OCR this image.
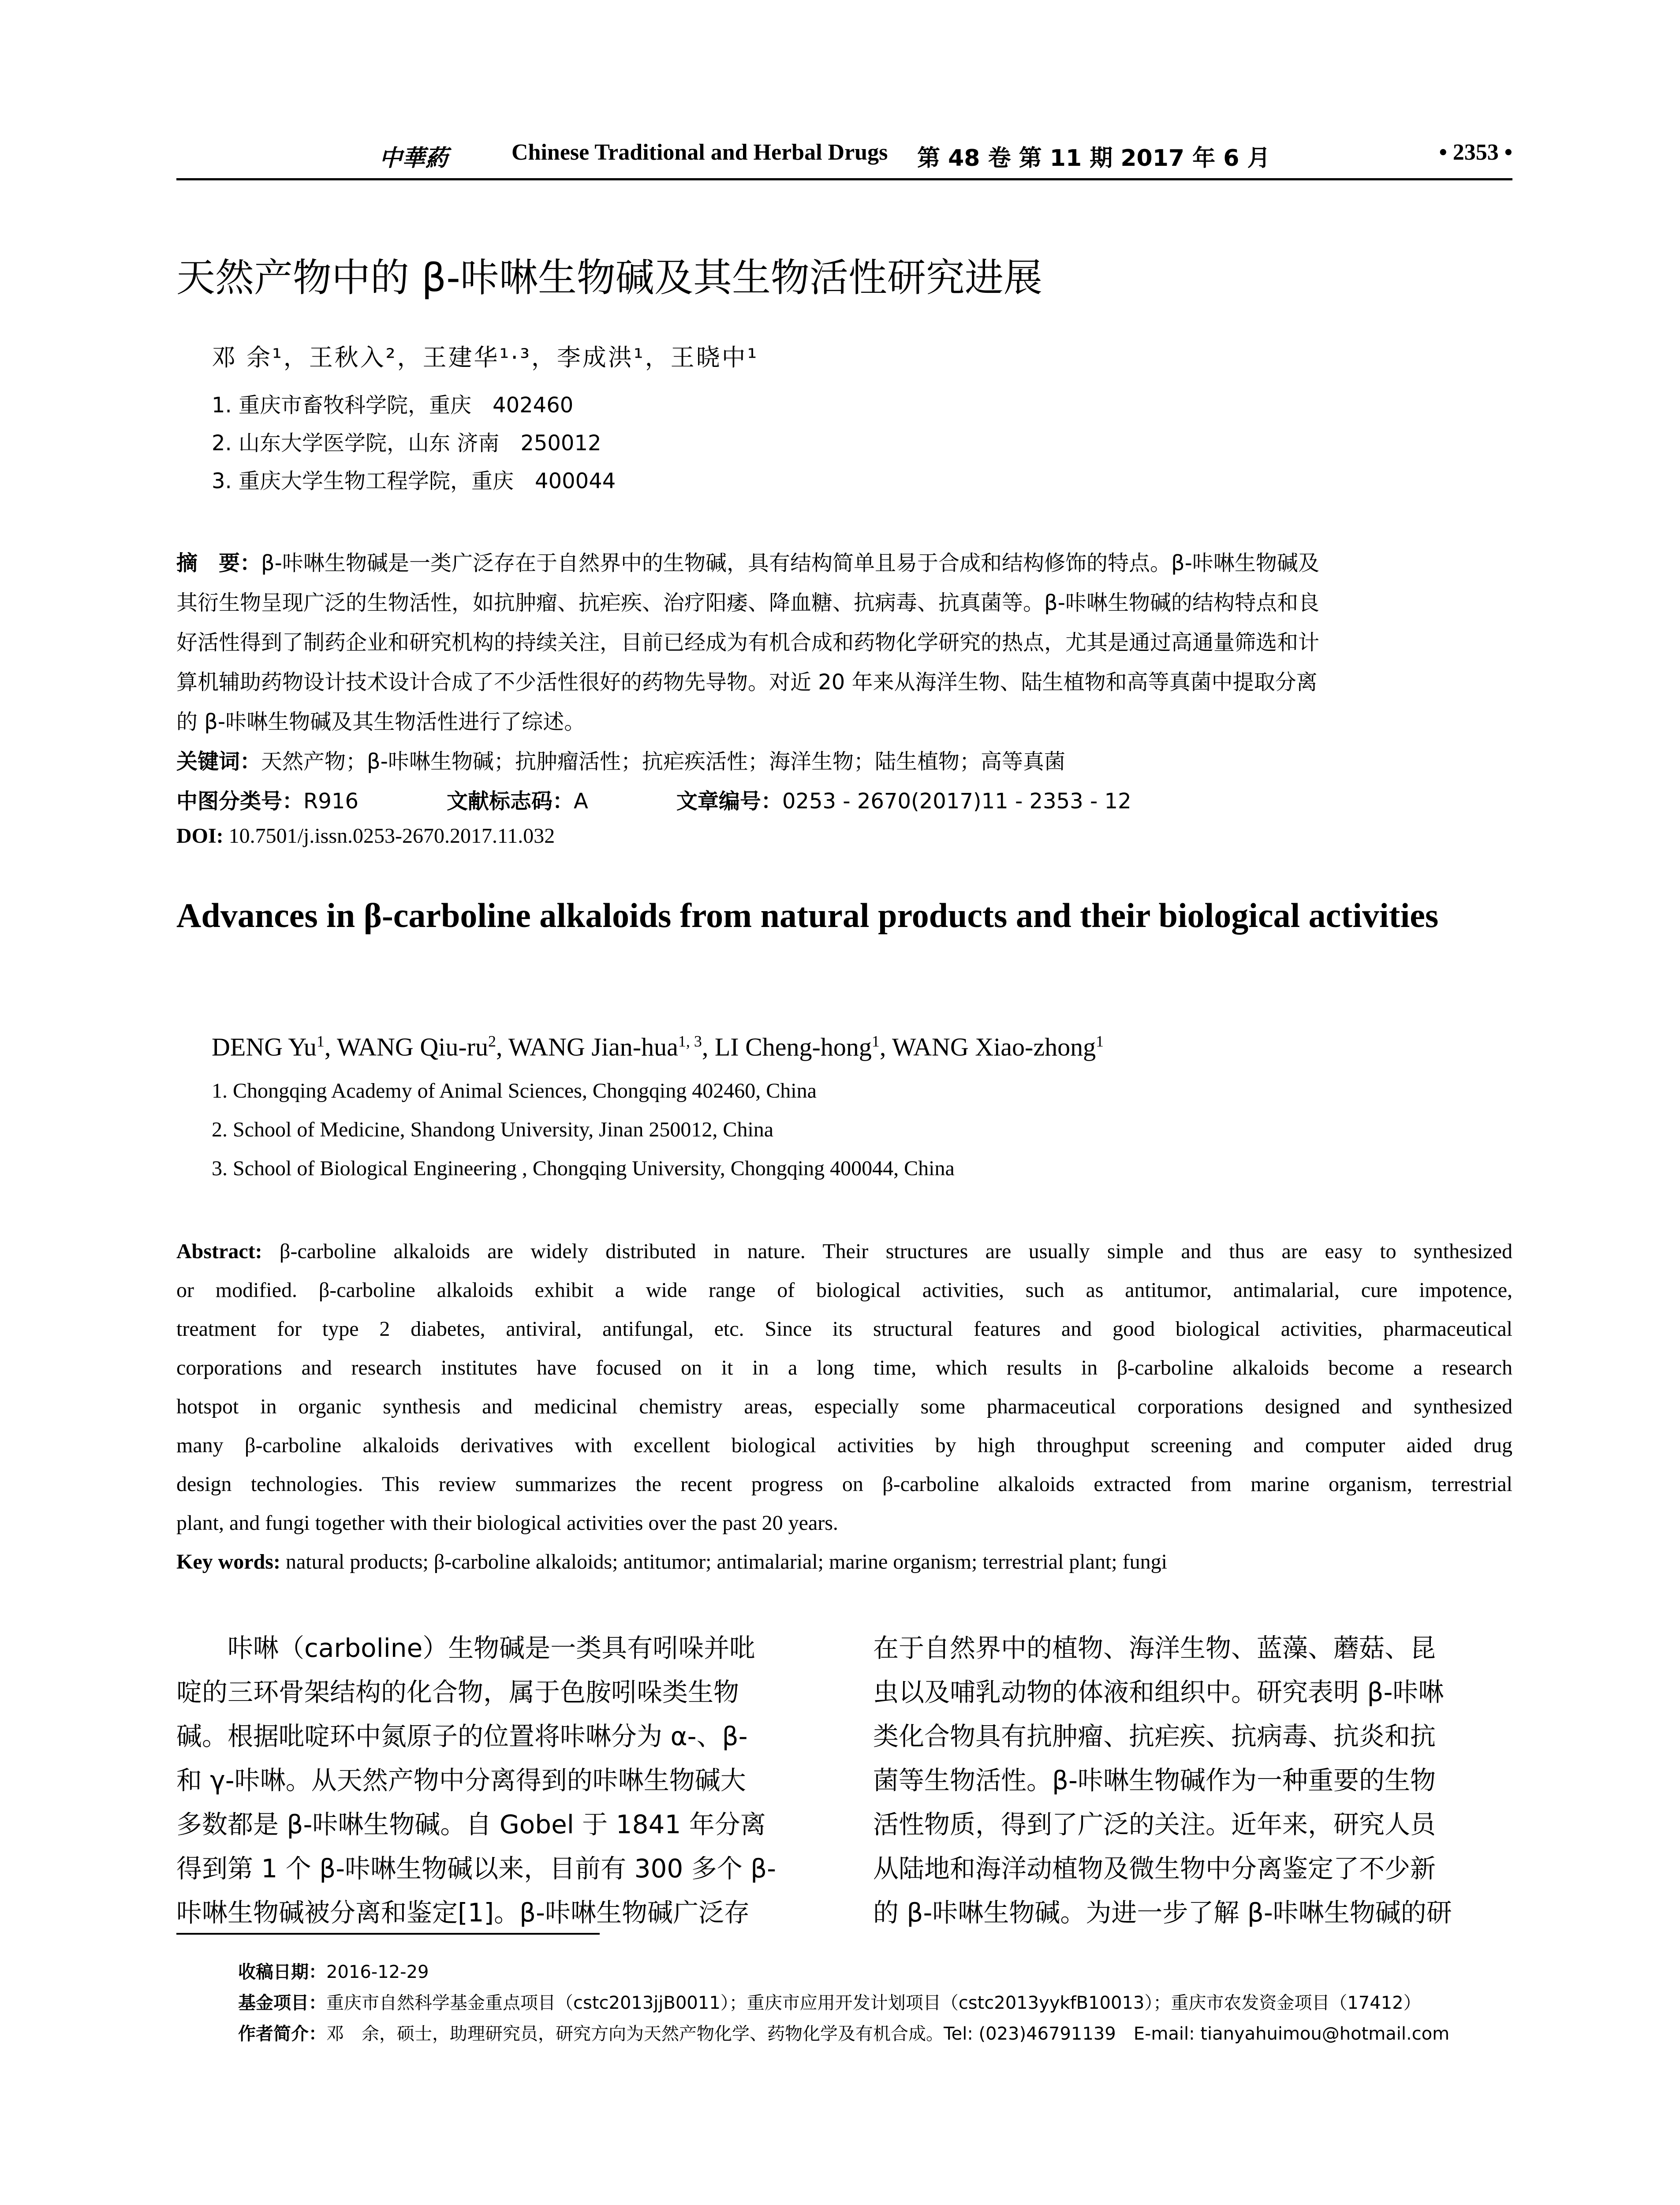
中華葯	Chinese Traditional and Herbal Drugs 第 48 卷 第 11 期 2017 年 6 月	• 2353 •
天然产物中的 β-咔啉生物碱及其生物活性研究进展
邓 余¹，王秋入²，王建华¹·³，李成洪¹，王晓中¹
1. 重庆市畜牧科学院，重庆　402460
2. 山东大学医学院，山东 济南　250012
3. 重庆大学生物工程学院，重庆　400044
摘　要：β-咔啉生物碱是一类广泛存在于自然界中的生物碱，具有结构简单且易于合成和结构修饰的特点。β-咔啉生物碱及
其衍生物呈现广泛的生物活性，如抗肿瘤、抗疟疾、治疗阳痿、降血糖、抗病毒、抗真菌等。β-咔啉生物碱的结构特点和良
好活性得到了制药企业和研究机构的持续关注，目前已经成为有机合成和药物化学研究的热点，尤其是通过高通量筛选和计
算机辅助药物设计技术设计合成了不少活性很好的药物先导物。对近 20 年来从海洋生物、陆生植物和高等真菌中提取分离
的 β-咔啉生物碱及其生物活性进行了综述。
关键词：天然产物；β-咔啉生物碱；抗肿瘤活性；抗疟疾活性；海洋生物；陆生植物；高等真菌
中图分类号：R916	文献标志码：A	文章编号：0253 - 2670(2017)11 - 2353 - 12
DOI: 10.7501/j.issn.0253-2670.2017.11.032
Advances in β-carboline alkaloids from natural products and their biological activities
DENG Yu$^1$, WANG Qiu-$ru^2$, WANG Jian-hua$^{1, 3}$, LI Cheng-hong$^1$, WANG Xiao-zhong$^1$
1. Chongqing Academy of Animal Sciences, Chongqing 402460, China
2. School of Medicine, Shandong University, Jinan 250012, China
3. School of Biological Engineering , Chongqing University, Chongqing 400044, China
Abstract: β-carboline alkaloids are widely distributed in nature. Their structures are usually simple and thus are easy to synthesized
or modified. β-carboline alkaloids exhibit a wide range of biological activities, such as antitumor, antimalarial, cure impotence,
treatment for type 2 diabetes, antiviral, antifungal, etc. Since its structural features and good biological activities, pharmaceutical
corporations and research institutes have focused on it in a long time, which results in β-carboline alkaloids become a research
hotspot in organic synthesis and medicinal chemistry areas, especially some pharmaceutical corporations designed and synthesized
many β-carboline alkaloids derivatives with excellent biological activities by high throughput screening and computer aided drug
design technologies. This review summarizes the recent progress on β-carboline alkaloids extracted from marine organism, terrestrial
plant, and fungi together with their biological activities over the past 20 years.
Key words: natural products; β-carboline alkaloids; antitumor; antimalarial; marine organism; terrestrial plant; fungi
　　咔啉（carboline）生物碱是一类具有吲哚并吡
啶的三环骨架结构的化合物，属于色胺吲哚类生物
碱。根据吡啶环中氮原子的位置将咔啉分为 α-、β-
和 γ-咔啉。从天然产物中分离得到的咔啉生物碱大
多数都是 β-咔啉生物碱。自 Gobel 于 1841 年分离
得到第 1 个 β-咔啉生物碱以来，目前有 300 多个 β-
咔啉生物碱被分离和鉴定[1]。β-咔啉生物碱广泛存
在于自然界中的植物、海洋生物、蓝藻、蘑菇、昆
虫以及哺乳动物的体液和组织中。研究表明 β-咔啉
类化合物具有抗肿瘤、抗疟疾、抗病毒、抗炎和抗
菌等生物活性。β-咔啉生物碱作为一种重要的生物
活性物质，得到了广泛的关注。近年来，研究人员
从陆地和海洋动植物及微生物中分离鉴定了不少新
的 β-咔啉生物碱。为进一步了解 β-咔啉生物碱的研
收稿日期：2016-12-29
基金项目：重庆市自然科学基金重点项目（cstc2013jjB0011）；重庆市应用开发计划项目（cstc2013yykfB10013）；重庆市农发资金项目（17412）
作者简介：邓　余，硕士，助理研究员，研究方向为天然产物化学、药物化学及有机合成。Tel: (023)46791139　E-mail: tianyahuimou@hotmail.com
